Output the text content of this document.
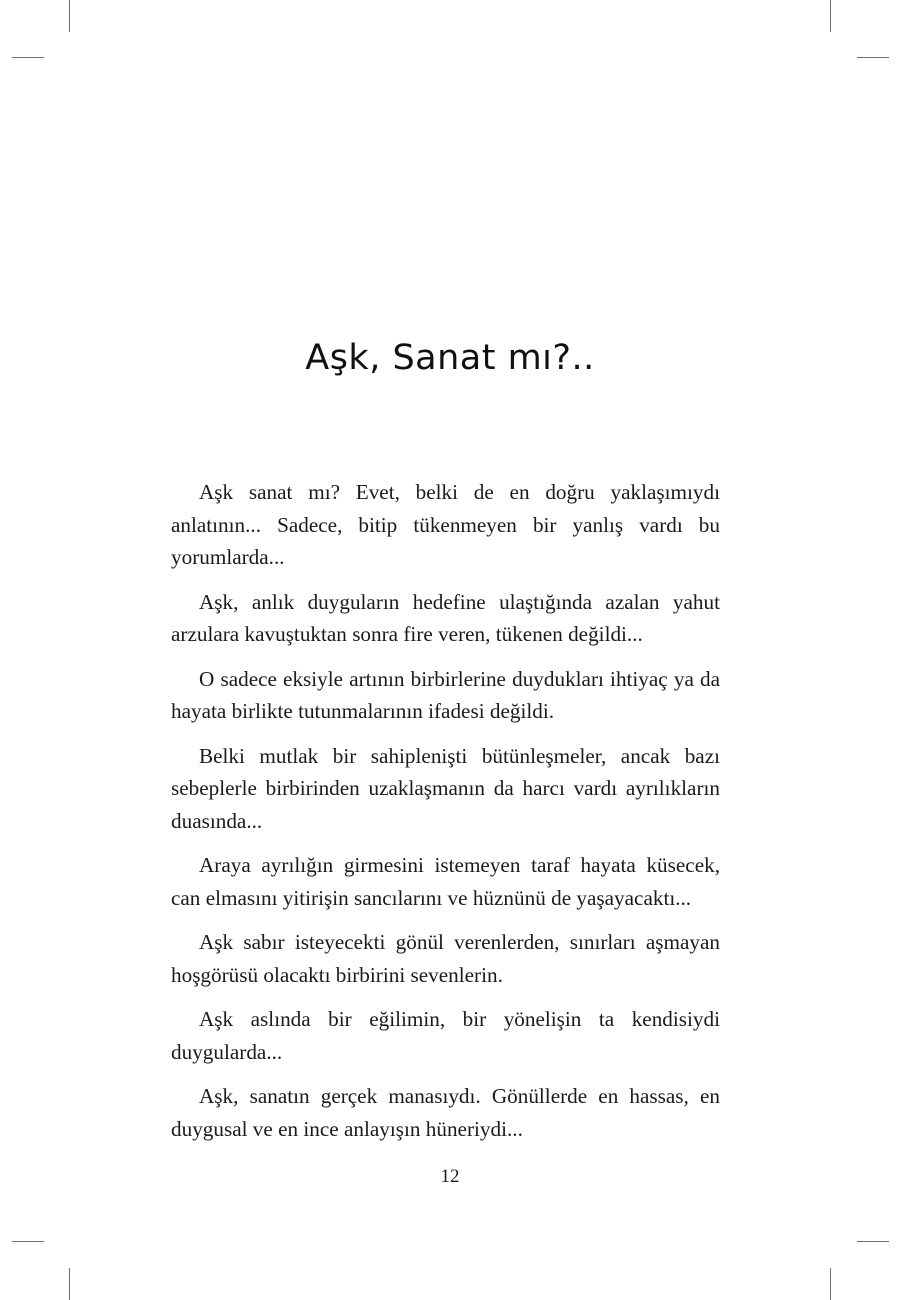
Aşk, Sanat mı?..

Aşk sanat mı? Evet, belki de en doğru yaklaşımıydı anlatının... Sadece, bitip tükenmeyen bir yanlış vardı bu yorumlarda...

Aşk, anlık duyguların hedefine ulaştığında azalan yahut arzulara kavuştuktan sonra fire veren, tükenen değildi...

O sadece eksiyle artının birbirlerine duydukları ihtiyaç ya da hayata birlikte tutunmalarının ifadesi değildi.

Belki mutlak bir sahiplenişti bütünleşmeler, ancak bazı sebeplerle birbirinden uzaklaşmanın da harcı vardı ayrılıkların duasında...

Araya ayrılığın girmesini istemeyen taraf hayata küsecek, can elmasını yitirişin sancılarını ve hüznünü de yaşayacaktı...

Aşk sabır isteyecekti gönül verenlerden, sınırları aşmayan hoşgörüsü olacaktı birbirini sevenlerin.

Aşk aslında bir eğilimin, bir yönelişin ta kendisiydi duygularda...

Aşk, sanatın gerçek manasıydı. Gönüllerde en hassas, en duygusal ve en ince anlayışın hüneriydi...

12
